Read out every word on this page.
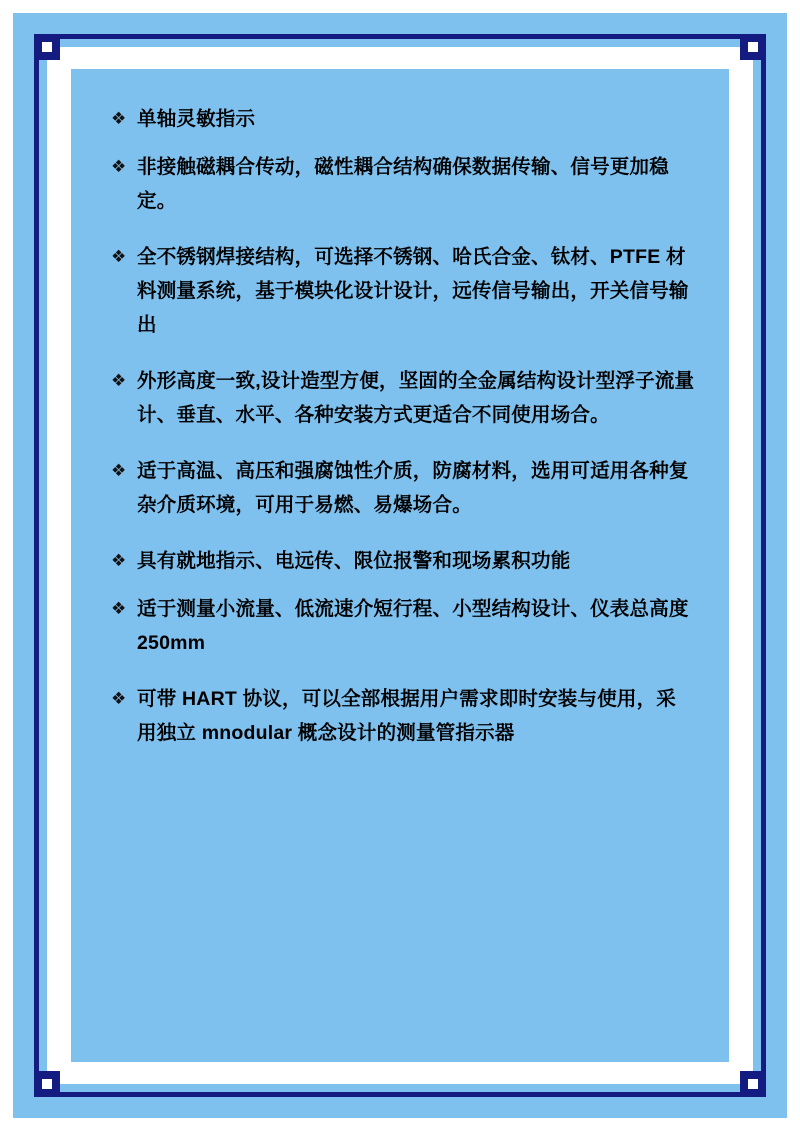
❖ 单轴灵敏指示
❖ 非接触磁耦合传动，磁性耦合结构确保数据传输、信号更加稳定。
❖ 全不锈钢焊接结构，可选择不锈钢、哈氏合金、钛材、PTFE 材料测量系统，基于模块化设计设计，远传信号输出，开关信号输出
❖ 外形高度一致,设计造型方便，坚固的全金属结构设计型浮子流量计、垂直、水平、各种安装方式更适合不同使用场合。
❖ 适于高温、高压和强腐蚀性介质，防腐材料，选用可适用各种复杂介质环境，可用于易燃、易爆场合。
❖ 具有就地指示、电远传、限位报警和现场累积功能
❖ 适于测量小流量、低流速介短行程、小型结构设计、仪表总高度 250mm
❖ 可带 HART 协议，可以全部根据用户需求即时安装与使用，采用独立 mnodular 概念设计的测量管指示器
